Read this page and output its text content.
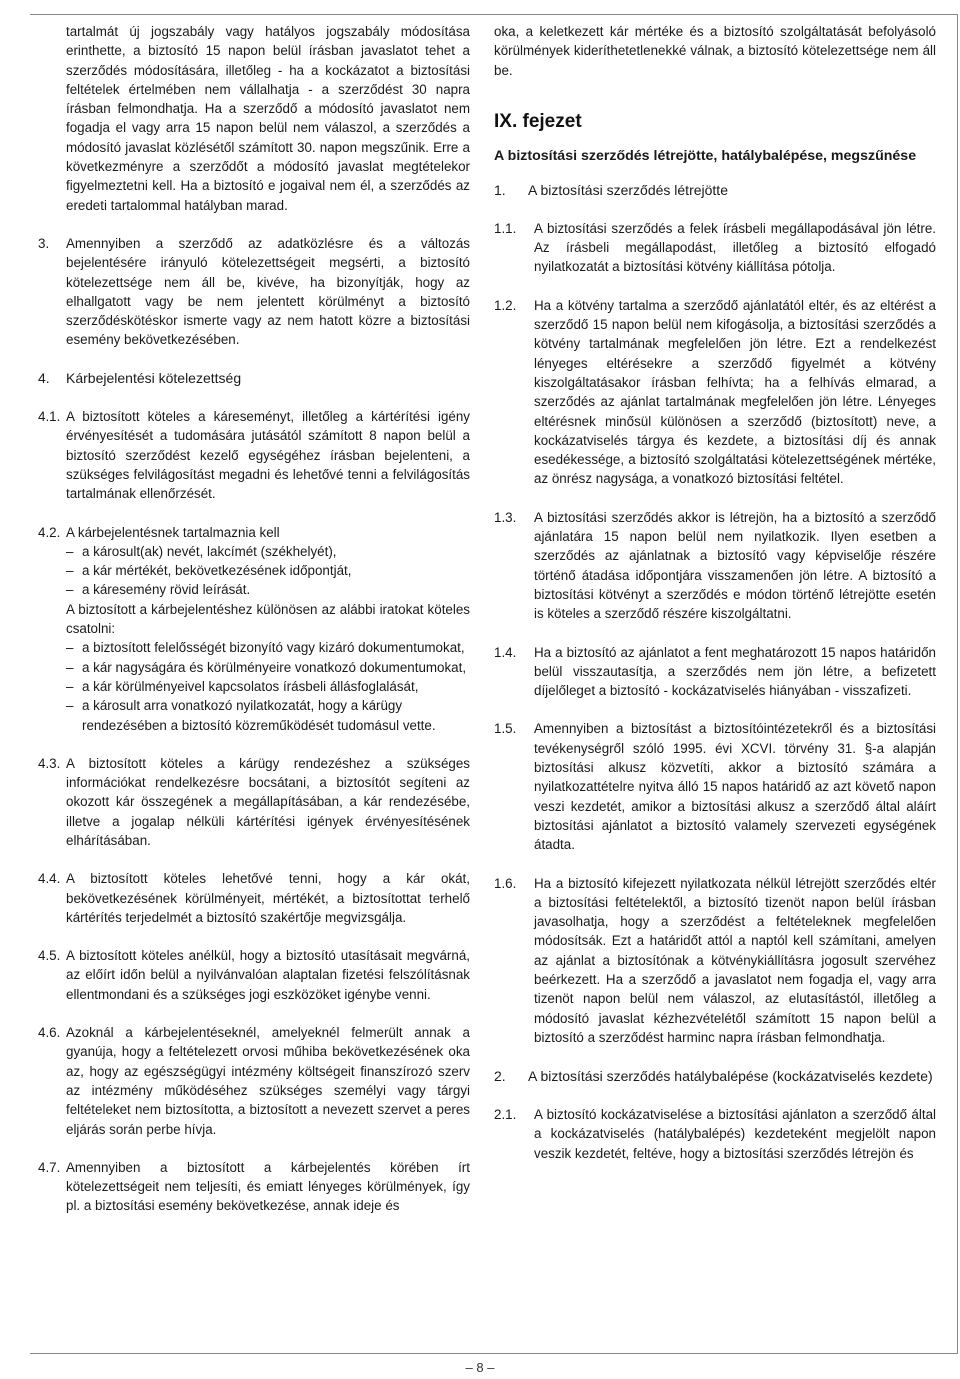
tartalmát új jogszabály vagy hatályos jogszabály módosítása erinthette, a biztosító 15 napon belül írásban javaslatot tehet a szerződés módosítására, illetőleg - ha a kockázatot a biztosítási feltételek értelmében nem vállalhatja - a szerződést 30 napra írásban felmondhatja. Ha a szerződő a módosító javaslatot nem fogadja el vagy arra 15 napon belül nem válaszol, a szerződés a módosító javaslat közlésétől számított 30. napon megszűnik. Erre a következményre a szerződőt a módosító javaslat megtételekor figyelmeztetni kell. Ha a biztosító e jogaival nem él, a szerződés az eredeti tartalommal hatályban marad.

3. Amennyiben a szerződő az adatközlésre és a változás bejelentésére irányuló kötelezettségeit megsérti, a biztosító kötelezettsége nem áll be, kivéve, ha bizonyítják, hogy az elhallgatott vagy be nem jelentett körülményt a biztosító szerződéskötéskor ismerte vagy az nem hatott közre a biztosítási esemény bekövetkezésében.

4. Kárbejelentési kötelezettség

4.1. A biztosított köteles a káreseményt, illetőleg a kártérítési igény érvényesítését a tudomására jutásától számított 8 napon belül a biztosító szerződést kezelő egységéhez írásban bejelenteni, a szükséges felvilágosítást megadni és lehetővé tenni a felvilágosítás tartalmának ellenőrzését.

4.2. A kárbejelentésnek tartalmaznia kell

– a károsult(ak) nevét, lakcímét (székhelyét),
– a kár mértékét, bekövetkezésének időpontját,
– a káresemény rövid leírását.

A biztosított a kárbejelentéshez különösen az alábbi iratokat köteles csatolni:

– a biztosított felelősségét bizonyító vagy kizáró dokumentumokat,
– a kár nagyságára és körülményeire vonatkozó dokumentumokat,
– a kár körülményeivel kapcsolatos írásbeli állásfoglalását,
– a károsult arra vonatkozó nyilatkozatát, hogy a kárügy rendezésében a biztosító közreműködését tudomásul vette.

4.3. A biztosított köteles a kárügy rendezéshez a szükséges információkat rendelkezésre bocsátani, a biztosítót segíteni az okozott kár összegének a megállapításában, a kár rendezésébe, illetve a jogalap nélküli kártérítési igények érvényesítésének elhárításában.

4.4. A biztosított köteles lehetővé tenni, hogy a kár okát, bekövetkezésének körülményeit, mértékét, a biztosítottat terhelő kártérítés terjedelmét a biztosító szakértője megvizsgálja.

4.5. A biztosított köteles anélkül, hogy a biztosító utasításait megvárná, az előírt időn belül a nyilvánvalóan alaptalan fizetési felszólításnak ellentmondani és a szükséges jogi eszközöket igénybe venni.

4.6. Azoknál a kárbejelentéseknél, amelyeknél felmerült annak a gyanúja, hogy a feltételezett orvosi műhiba bekövetkezésének oka az, hogy az egészségügyi intézmény költségeit finanszírozó szerv az intézmény működéséhez szükséges személyi vagy tárgyi feltételeket nem biztosította, a biztosított a nevezett szervet a peres eljárás során perbe hívja.

4.7. Amennyiben a biztosított a kárbejelentés körében írt kötelezettségeit nem teljesíti, és emiatt lényeges körülmények, így pl. a biztosítási esemény bekövetkezése, annak ideje és

oka, a keletkezett kár mértéke és a biztosító szolgáltatását befolyásoló körülmények kideríthetetlenekké válnak, a biztosító kötelezettsége nem áll be.

IX. fejezet
A biztosítási szerződés létrejötte, hatálybalépése, megszűnése
1. A biztosítási szerződés létrejötte

1.1. A biztosítási szerződés a felek írásbeli megállapodásával jön létre. Az írásbeli megállapodást, illetőleg a biztosító elfogadó nyilatkozatát a biztosítási kötvény kiállítása pótolja.

1.2. Ha a kötvény tartalma a szerződő ajánlatától eltér, és az eltérést a szerződő 15 napon belül nem kifogásolja, a biztosítási szerződés a kötvény tartalmának megfelelően jön létre. Ezt a rendelkezést lényeges eltérésekre a szerződő figyelmét a kötvény kiszolgáltatásakor írásban felhívta; ha a felhívás elmarad, a szerződés az ajánlat tartalmának megfelelően jön létre. Lényeges eltérésnek minősül különösen a szerződő (biztosított) neve, a kockázatviselés tárgya és kezdete, a biztosítási díj és annak esedékessége, a biztosító szolgáltatási kötelezettségének mértéke, az önrész nagysága, a vonatkozó biztosítási feltétel.

1.3. A biztosítási szerződés akkor is létrejön, ha a biztosító a szerződő ajánlatára 15 napon belül nem nyilatkozik. Ilyen esetben a szerződés az ajánlatnak a biztosító vagy képviselője részére történő átadása időpontjára visszamenően jön létre. A biztosító a biztosítási kötvényt a szerződés e módon történő létrejötte esetén is köteles a szerződő részére kiszolgáltatni.

1.4. Ha a biztosító az ajánlatot a fent meghatározott 15 napos határidőn belül visszautasítja, a szerződés nem jön létre, a befizetett díjelőleget a biztosító - kockázatviselés hiányában - visszafizeti.

1.5. Amennyiben a biztosítást a biztosítóintézetekről és a biztosítási tevékenységről szóló 1995. évi XCVI. törvény 31. §-a alapján biztosítási alkusz közvetíti, akkor a biztosító számára a nyilatkozattételre nyitva álló 15 napos határidő az azt követő napon veszi kezdetét, amikor a biztosítási alkusz a szerződő által aláírt biztosítási ajánlatot a biztosító valamely szervezeti egységének átadta.

1.6. Ha a biztosító kifejezett nyilatkozata nélkül létrejött szerződés eltér a biztosítási feltételektől, a biztosító tizenöt napon belül írásban javasolhatja, hogy a szerződést a feltételeknek megfelelően módosítsák. Ezt a határidőt attól a naptól kell számítani, amelyen az ajánlat a biztosítónak a kötvénykiállításra jogosult szervéhez beérkezett. Ha a szerződő a javaslatot nem fogadja el, vagy arra tizenöt napon belül nem válaszol, az elutasítástól, illetőleg a módosító javaslat kézhezvételétől számított 15 napon belül a biztosító a szerződést harminc napra írásban felmondhatja.

2. A biztosítási szerződés hatálybalépése (kockázatviselés kezdete)

2.1. A biztosító kockázatviselése a biztosítási ajánlaton a szerződő által a kockázatviselés (hatálybalépés) kezdeteként megjelölt napon veszik kezdetét, feltéve, hogy a biztosítási szerződés létrejön és

– 8 –
